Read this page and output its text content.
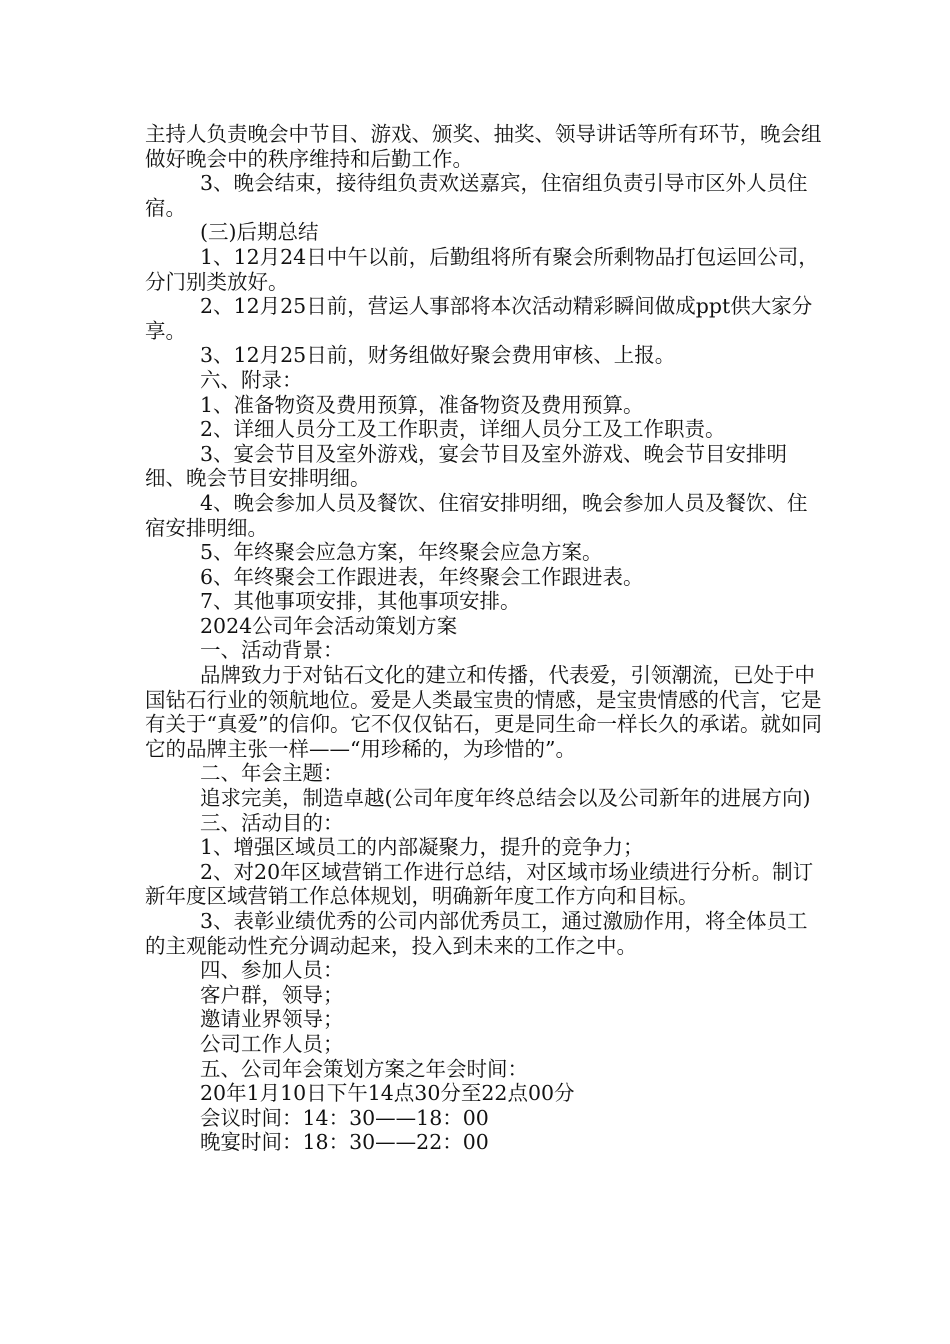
主持人负责晚会中节目、游戏、颁奖、抽奖、领导讲话等所有环节，晚会组做好晚会中的秩序维持和后勤工作。

3、晚会结束，接待组负责欢送嘉宾，住宿组负责引导市区外人员住宿。

(三)后期总结

1、12月24日中午以前，后勤组将所有聚会所剩物品打包运回公司，分门别类放好。

2、12月25日前，营运人事部将本次活动精彩瞬间做成ppt供大家分享。

3、12月25日前，财务组做好聚会费用审核、上报。

六、附录：

1、准备物资及费用预算，准备物资及费用预算。

2、详细人员分工及工作职责，详细人员分工及工作职责。

3、宴会节目及室外游戏，宴会节目及室外游戏、晚会节目安排明细、晚会节目安排明细。

4、晚会参加人员及餐饮、住宿安排明细，晚会参加人员及餐饮、住宿安排明细。

5、年终聚会应急方案，年终聚会应急方案。

6、年终聚会工作跟进表，年终聚会工作跟进表。

7、其他事项安排，其他事项安排。

2024公司年会活动策划方案

一、活动背景：

品牌致力于对钻石文化的建立和传播，代表爱，引领潮流，已处于中国钻石行业的领航地位。爱是人类最宝贵的情感，是宝贵情感的代言，它是有关于“真爱”的信仰。它不仅仅钻石，更是同生命一样长久的承诺。就如同它的品牌主张一样——“用珍稀的，为珍惜的”。

二、年会主题：

追求完美，制造卓越(公司年度年终总结会以及公司新年的进展方向)

三、活动目的：

1、增强区域员工的内部凝聚力，提升的竞争力；

2、对20年区域营销工作进行总结，对区域市场业绩进行分析。制订新年度区域营销工作总体规划，明确新年度工作方向和目标。

3、表彰业绩优秀的公司内部优秀员工，通过激励作用，将全体员工的主观能动性充分调动起来，投入到未来的工作之中。

四、参加人员：

客户群，领导；

邀请业界领导；

公司工作人员；

五、公司年会策划方案之年会时间：

20年1月10日下午14点30分至22点00分

会议时间：14：30——18：00

晚宴时间：18：30——22：00
